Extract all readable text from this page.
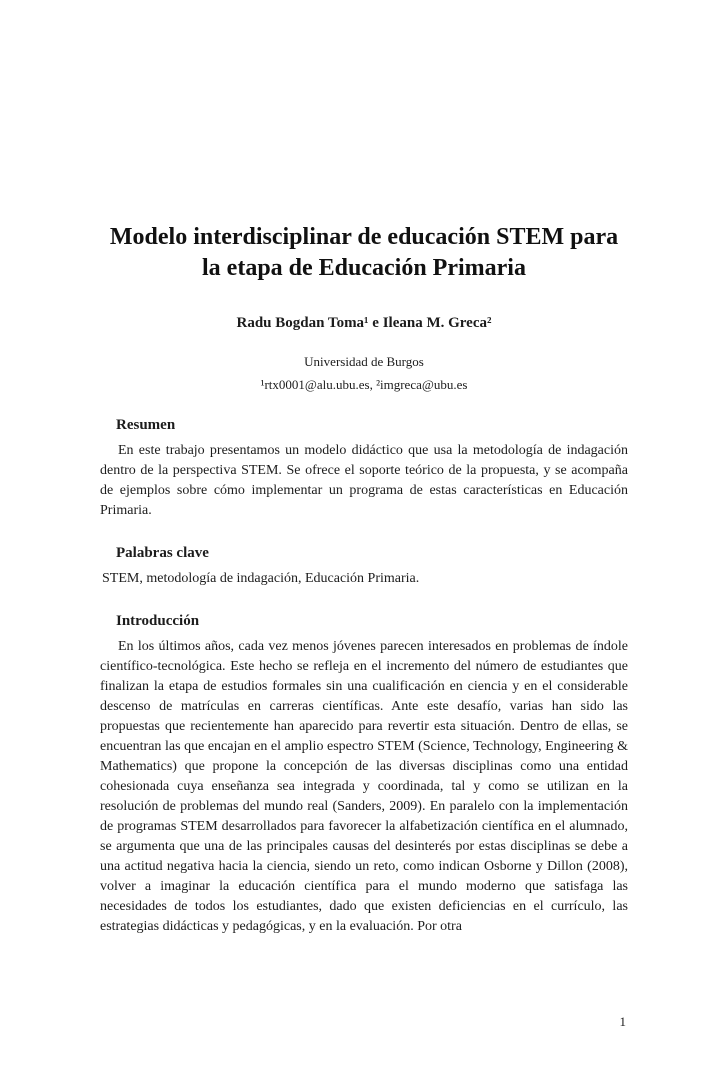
Modelo interdisciplinar de educación STEM para la etapa de Educación Primaria
Radu Bogdan Toma¹ e Ileana M. Greca²
Universidad de Burgos
¹rtx0001@alu.ubu.es, ²imgreca@ubu.es
Resumen

En este trabajo presentamos un modelo didáctico que usa la metodología de indagación dentro de la perspectiva STEM. Se ofrece el soporte teórico de la propuesta, y se acompaña de ejemplos sobre cómo implementar un programa de estas características en Educación Primaria.

Palabras clave

STEM, metodología de indagación, Educación Primaria.

Introducción

En los últimos años, cada vez menos jóvenes parecen interesados en problemas de índole científico-tecnológica. Este hecho se refleja en el incremento del número de estudiantes que finalizan la etapa de estudios formales sin una cualificación en ciencia y en el considerable descenso de matrículas en carreras científicas. Ante este desafío, varias han sido las propuestas que recientemente han aparecido para revertir esta situación. Dentro de ellas, se encuentran las que encajan en el amplio espectro STEM (Science, Technology, Engineering & Mathematics) que propone la concepción de las diversas disciplinas como una entidad cohesionada cuya enseñanza sea integrada y coordinada, tal y como se utilizan en la resolución de problemas del mundo real (Sanders, 2009). En paralelo con la implementación de programas STEM desarrollados para favorecer la alfabetización científica en el alumnado, se argumenta que una de las principales causas del desinterés por estas disciplinas se debe a una actitud negativa hacia la ciencia, siendo un reto, como indican Osborne y Dillon (2008), volver a imaginar la educación científica para el mundo moderno que satisfaga las necesidades de todos los estudiantes, dado que existen deficiencias en el currículo, las estrategias didácticas y pedagógicas, y en la evaluación. Por otra

1
